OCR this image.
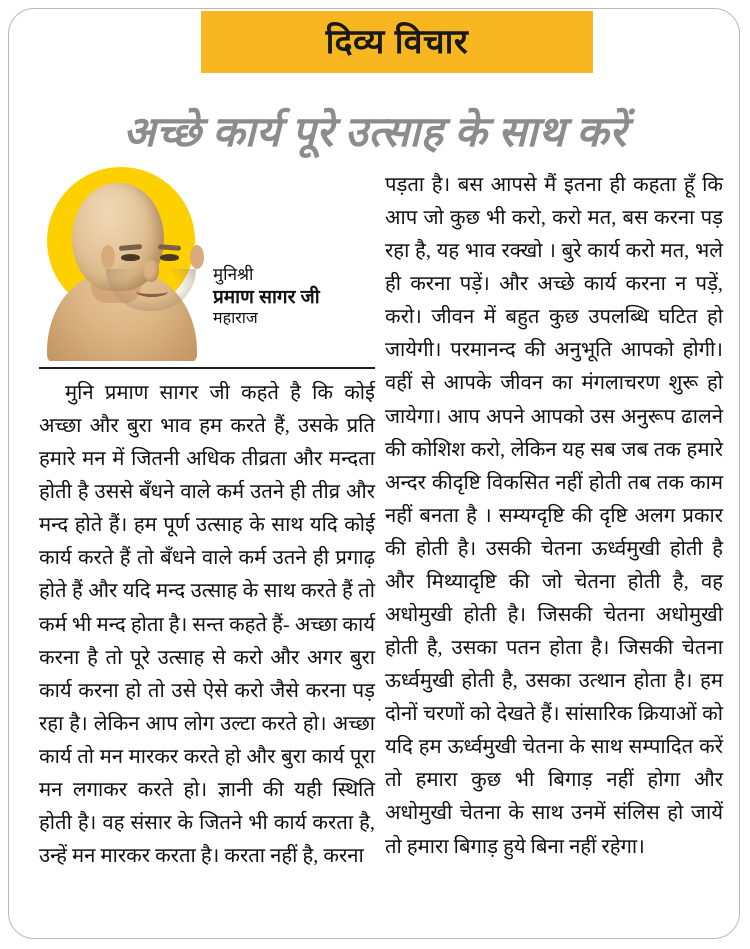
दिव्य विचार
अच्छे कार्य पूरे उत्साह के साथ करें
मुनिश्री
प्रमाण सागर जी
महाराज

मुनि प्रमाण सागर जी कहते है कि कोई अच्छा और बुरा भाव हम करते हैं, उसके प्रति हमारे मन में जितनी अधिक तीव्रता और मन्दता होती है उससे बँधने वाले कर्म उतने ही तीव्र और मन्द होते हैं। हम पूर्ण उत्साह के साथ यदि कोई कार्य करते हैं तो बँधने वाले कर्म उतने ही प्रगाढ़ होते हैं और यदि मन्द उत्साह के साथ करते हैं तो कर्म भी मन्द होता है। सन्त कहते हैं- अच्छा कार्य करना है तो पूरे उत्साह से करो और अगर बुरा कार्य करना हो तो उसे ऐसे करो जैसे करना पड़ रहा है। लेकिन आप लोग उल्टा करते हो। अच्छा कार्य तो मन मारकर करते हो और बुरा कार्य पूरा मन लगाकर करते हो। ज्ञानी की यही स्थिति होती है। वह संसार के जितने भी कार्य करता है, उन्हें मन मारकर करता है। करता नहीं है, करना

पड़ता है। बस आपसे मैं इतना ही कहता हूँ कि आप जो कुछ भी करो, करो मत, बस करना पड़ रहा है, यह भाव रक्खो । बुरे कार्य करो मत, भले ही करना पड़ें। और अच्छे कार्य करना न पड़ें, करो। जीवन में बहुत कुछ उपलब्धि घटित हो जायेगी। परमानन्द की अनुभूति आपको होगी। वहीं से आपके जीवन का मंगलाचरण शुरू हो जायेगा। आप अपने आपको उस अनुरूप ढालने की कोशिश करो, लेकिन यह सब जब तक हमारे अन्दर कीदृष्टि विकसित नहीं होती तब तक काम नहीं बनता है । सम्यग्दृष्टि की दृष्टि अलग प्रकार की होती है। उसकी चेतना ऊर्ध्वमुखी होती है और मिथ्यादृष्टि की जो चेतना होती है, वह अधोमुखी होती है। जिसकी चेतना अधोमुखी होती है, उसका पतन होता है। जिसकी चेतना ऊर्ध्वमुखी होती है, उसका उत्थान होता है। हम दोनों चरणों को देखते हैं। सांसारिक क्रियाओं को यदि हम ऊर्ध्वमुखी चेतना के साथ सम्पादित करें तो हमारा कुछ भी बिगाड़ नहीं होगा और अधोमुखी चेतना के साथ उनमें संलिस हो जायें तो हमारा बिगाड़ हुये बिना नहीं रहेगा।
